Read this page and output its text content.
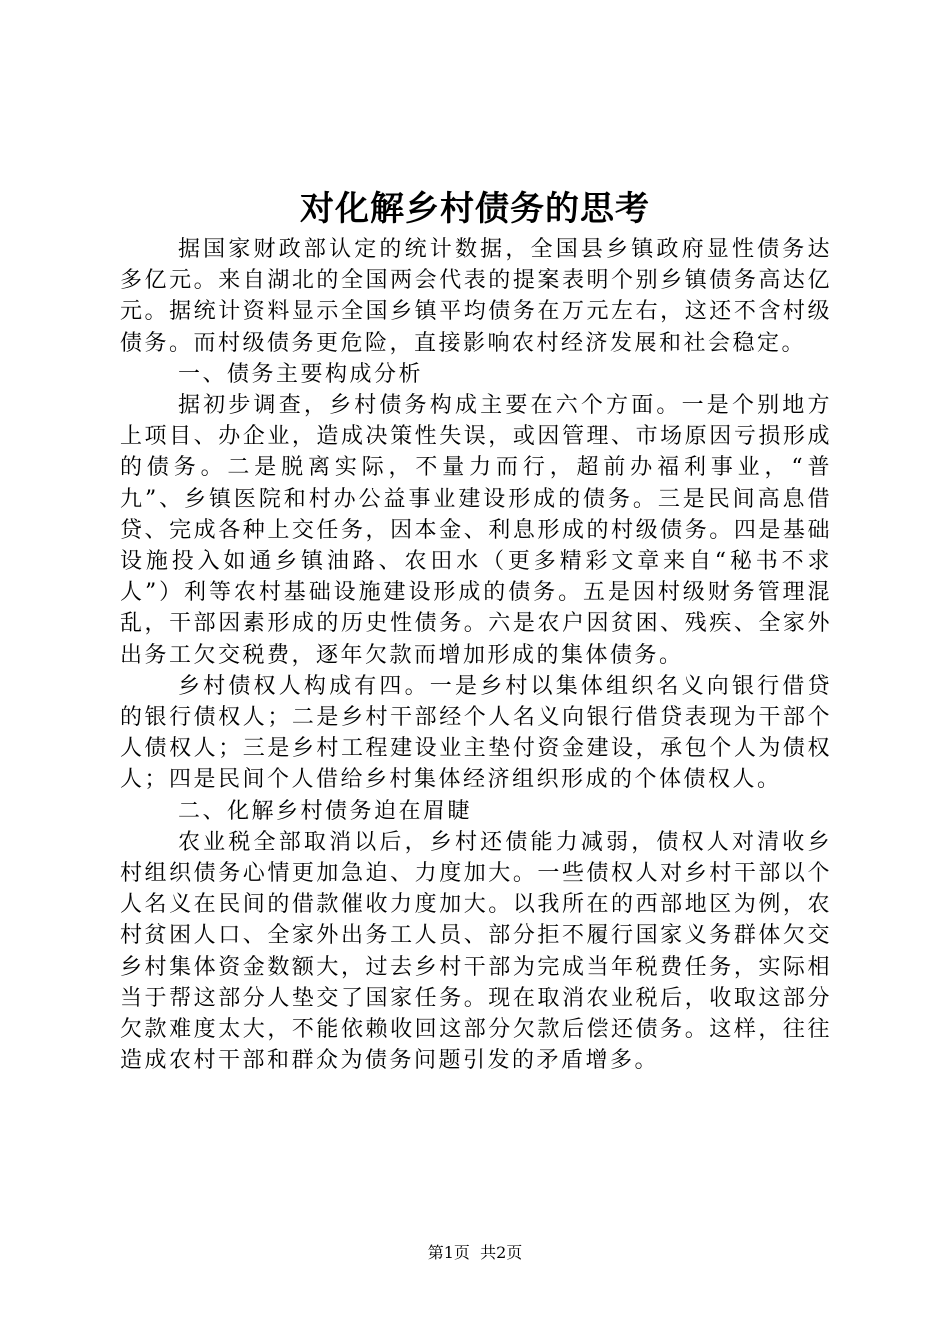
对化解乡村债务的思考

据国家财政部认定的统计数据，全国县乡镇政府显性债务达多亿元。来自湖北的全国两会代表的提案表明个别乡镇债务高达亿元。据统计资料显示全国乡镇平均债务在万元左右，这还不含村级债务。而村级债务更危险，直接影响农村经济发展和社会稳定。

一、债务主要构成分析

据初步调查，乡村债务构成主要在六个方面。一是个别地方上项目、办企业，造成决策性失误，或因管理、市场原因亏损形成的债务。二是脱离实际，不量力而行，超前办福利事业，“普九”、乡镇医院和村办公益事业建设形成的债务。三是民间高息借贷、完成各种上交任务，因本金、利息形成的村级债务。四是基础设施投入如通乡镇油路、农田水（更多精彩文章来自“秘书不求人”）利等农村基础设施建设形成的债务。五是因村级财务管理混乱，干部因素形成的历史性债务。六是农户因贫困、残疾、全家外出务工欠交税费，逐年欠款而增加形成的集体债务。

乡村债权人构成有四。一是乡村以集体组织名义向银行借贷的银行债权人；二是乡村干部经个人名义向银行借贷表现为干部个人债权人；三是乡村工程建设业主垫付资金建设，承包个人为债权人；四是民间个人借给乡村集体经济组织形成的个体债权人。

二、化解乡村债务迫在眉睫

农业税全部取消以后，乡村还债能力减弱，债权人对清收乡村组织债务心情更加急迫、力度加大。一些债权人对乡村干部以个人名义在民间的借款催收力度加大。以我所在的西部地区为例，农村贫困人口、全家外出务工人员、部分拒不履行国家义务群体欠交乡村集体资金数额大，过去乡村干部为完成当年税费任务，实际相当于帮这部分人垫交了国家任务。现在取消农业税后，收取这部分欠款难度太大，不能依赖收回这部分欠款后偿还债务。这样，往往造成农村干部和群众为债务问题引发的矛盾增多。

第1页 共2页
